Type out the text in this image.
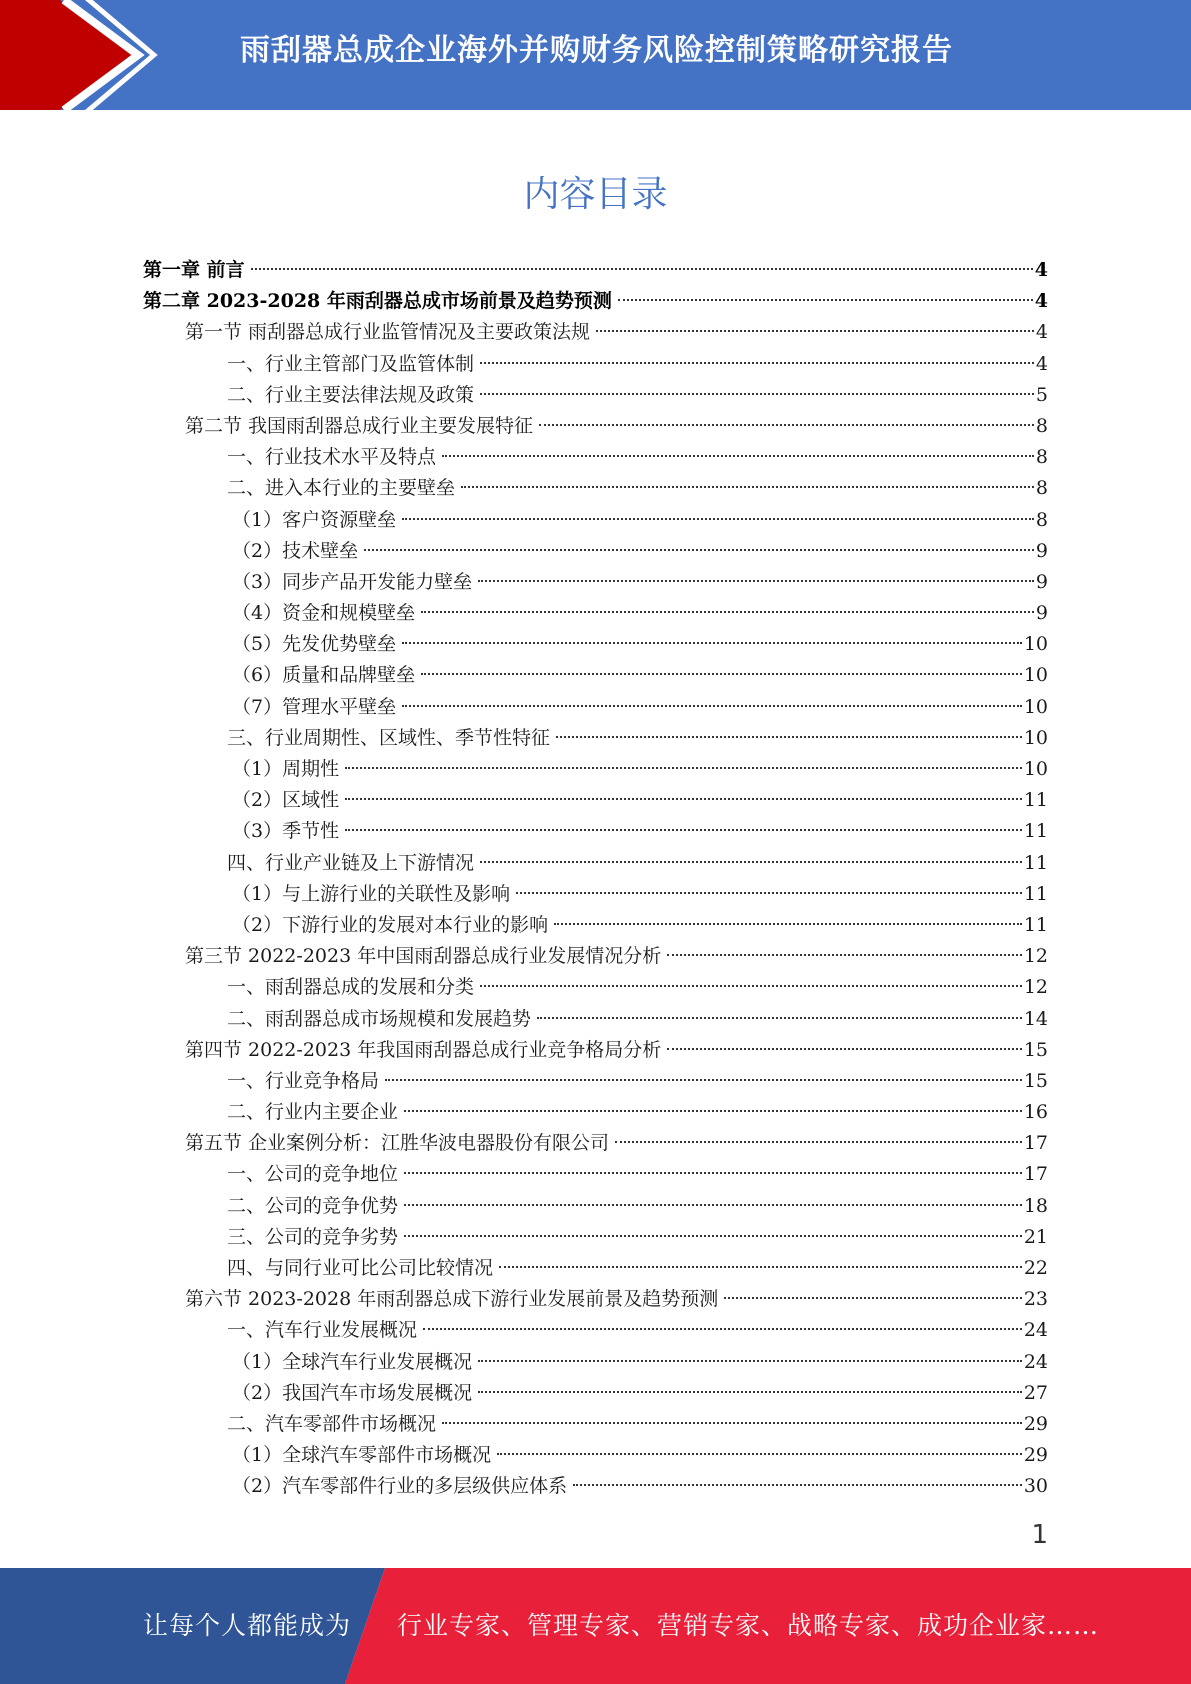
雨刮器总成企业海外并购财务风险控制策略研究报告
内容目录
第一章 前言	4
第二章 2023-2028 年雨刮器总成市场前景及趋势预测	4
第一节 雨刮器总成行业监管情况及主要政策法规	4
一、行业主管部门及监管体制	4
二、行业主要法律法规及政策	5
第二节 我国雨刮器总成行业主要发展特征	8
一、行业技术水平及特点	8
二、进入本行业的主要壁垒	8
（1）客户资源壁垒	8
（2）技术壁垒	9
（3）同步产品开发能力壁垒	9
（4）资金和规模壁垒	9
（5）先发优势壁垒	10
（6）质量和品牌壁垒	10
（7）管理水平壁垒	10
三、行业周期性、区域性、季节性特征	10
（1）周期性	10
（2）区域性	11
（3）季节性	11
四、行业产业链及上下游情况	11
（1）与上游行业的关联性及影响	11
（2）下游行业的发展对本行业的影响	11
第三节 2022-2023 年中国雨刮器总成行业发展情况分析	12
一、雨刮器总成的发展和分类	12
二、雨刮器总成市场规模和发展趋势	14
第四节 2022-2023 年我国雨刮器总成行业竞争格局分析	15
一、行业竞争格局	15
二、行业内主要企业	16
第五节 企业案例分析：江胜华波电器股份有限公司	17
一、公司的竞争地位	17
二、公司的竞争优势	18
三、公司的竞争劣势	21
四、与同行业可比公司比较情况	22
第六节 2023-2028 年雨刮器总成下游行业发展前景及趋势预测	23
一、汽车行业发展概况	24
（1）全球汽车行业发展概况	24
（2）我国汽车市场发展概况	27
二、汽车零部件市场概况	29
（1）全球汽车零部件市场概况	29
（2）汽车零部件行业的多层级供应体系	30
1
让每个人都能成为 行业专家、管理专家、营销专家、战略专家、成功企业家……
